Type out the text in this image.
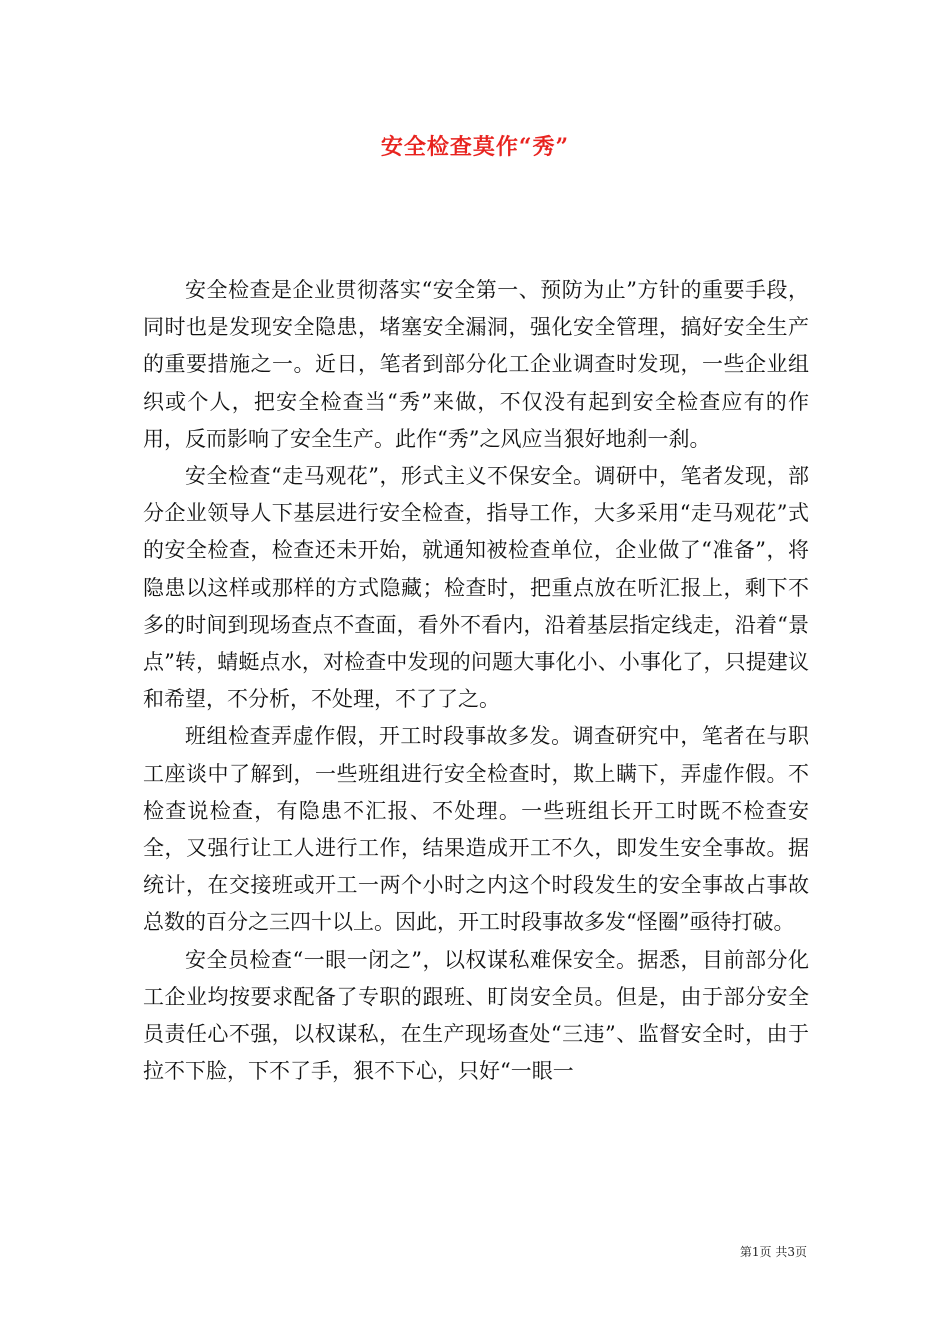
安全检查莫作“秀”

安全检查是企业贯彻落实“安全第一、预防为止”方针的重要手段，同时也是发现安全隐患，堵塞安全漏洞，强化安全管理，搞好安全生产的重要措施之一。近日，笔者到部分化工企业调查时发现，一些企业组织或个人，把安全检查当“秀”来做，不仅没有起到安全检查应有的作用，反而影响了安全生产。此作“秀”之风应当狠好地刹一刹。

安全检查“走马观花”，形式主义不保安全。调研中，笔者发现，部分企业领导人下基层进行安全检查，指导工作，大多采用“走马观花”式的安全检查，检查还未开始，就通知被检查单位，企业做了“准备”，将隐患以这样或那样的方式隐藏；检查时，把重点放在听汇报上，剩下不多的时间到现场查点不查面，看外不看内，沿着基层指定线走，沿着“景点”转，蜻蜓点水，对检查中发现的问题大事化小、小事化了，只提建议和希望，不分析，不处理，不了了之。

班组检查弄虚作假，开工时段事故多发。调查研究中，笔者在与职工座谈中了解到，一些班组进行安全检查时，欺上瞒下，弄虚作假。不检查说检查，有隐患不汇报、不处理。一些班组长开工时既不检查安全，又强行让工人进行工作，结果造成开工不久，即发生安全事故。据统计，在交接班或开工一两个小时之内这个时段发生的安全事故占事故总数的百分之三四十以上。因此，开工时段事故多发“怪圈”亟待打破。

安全员检查“一眼一闭之”，以权谋私难保安全。据悉，目前部分化工企业均按要求配备了专职的跟班、盯岗安全员。但是，由于部分安全员责任心不强，以权谋私，在生产现场查处“三违”、监督安全时，由于拉不下脸，下不了手，狠不下心，只好“一眼一

第1页 共3页
